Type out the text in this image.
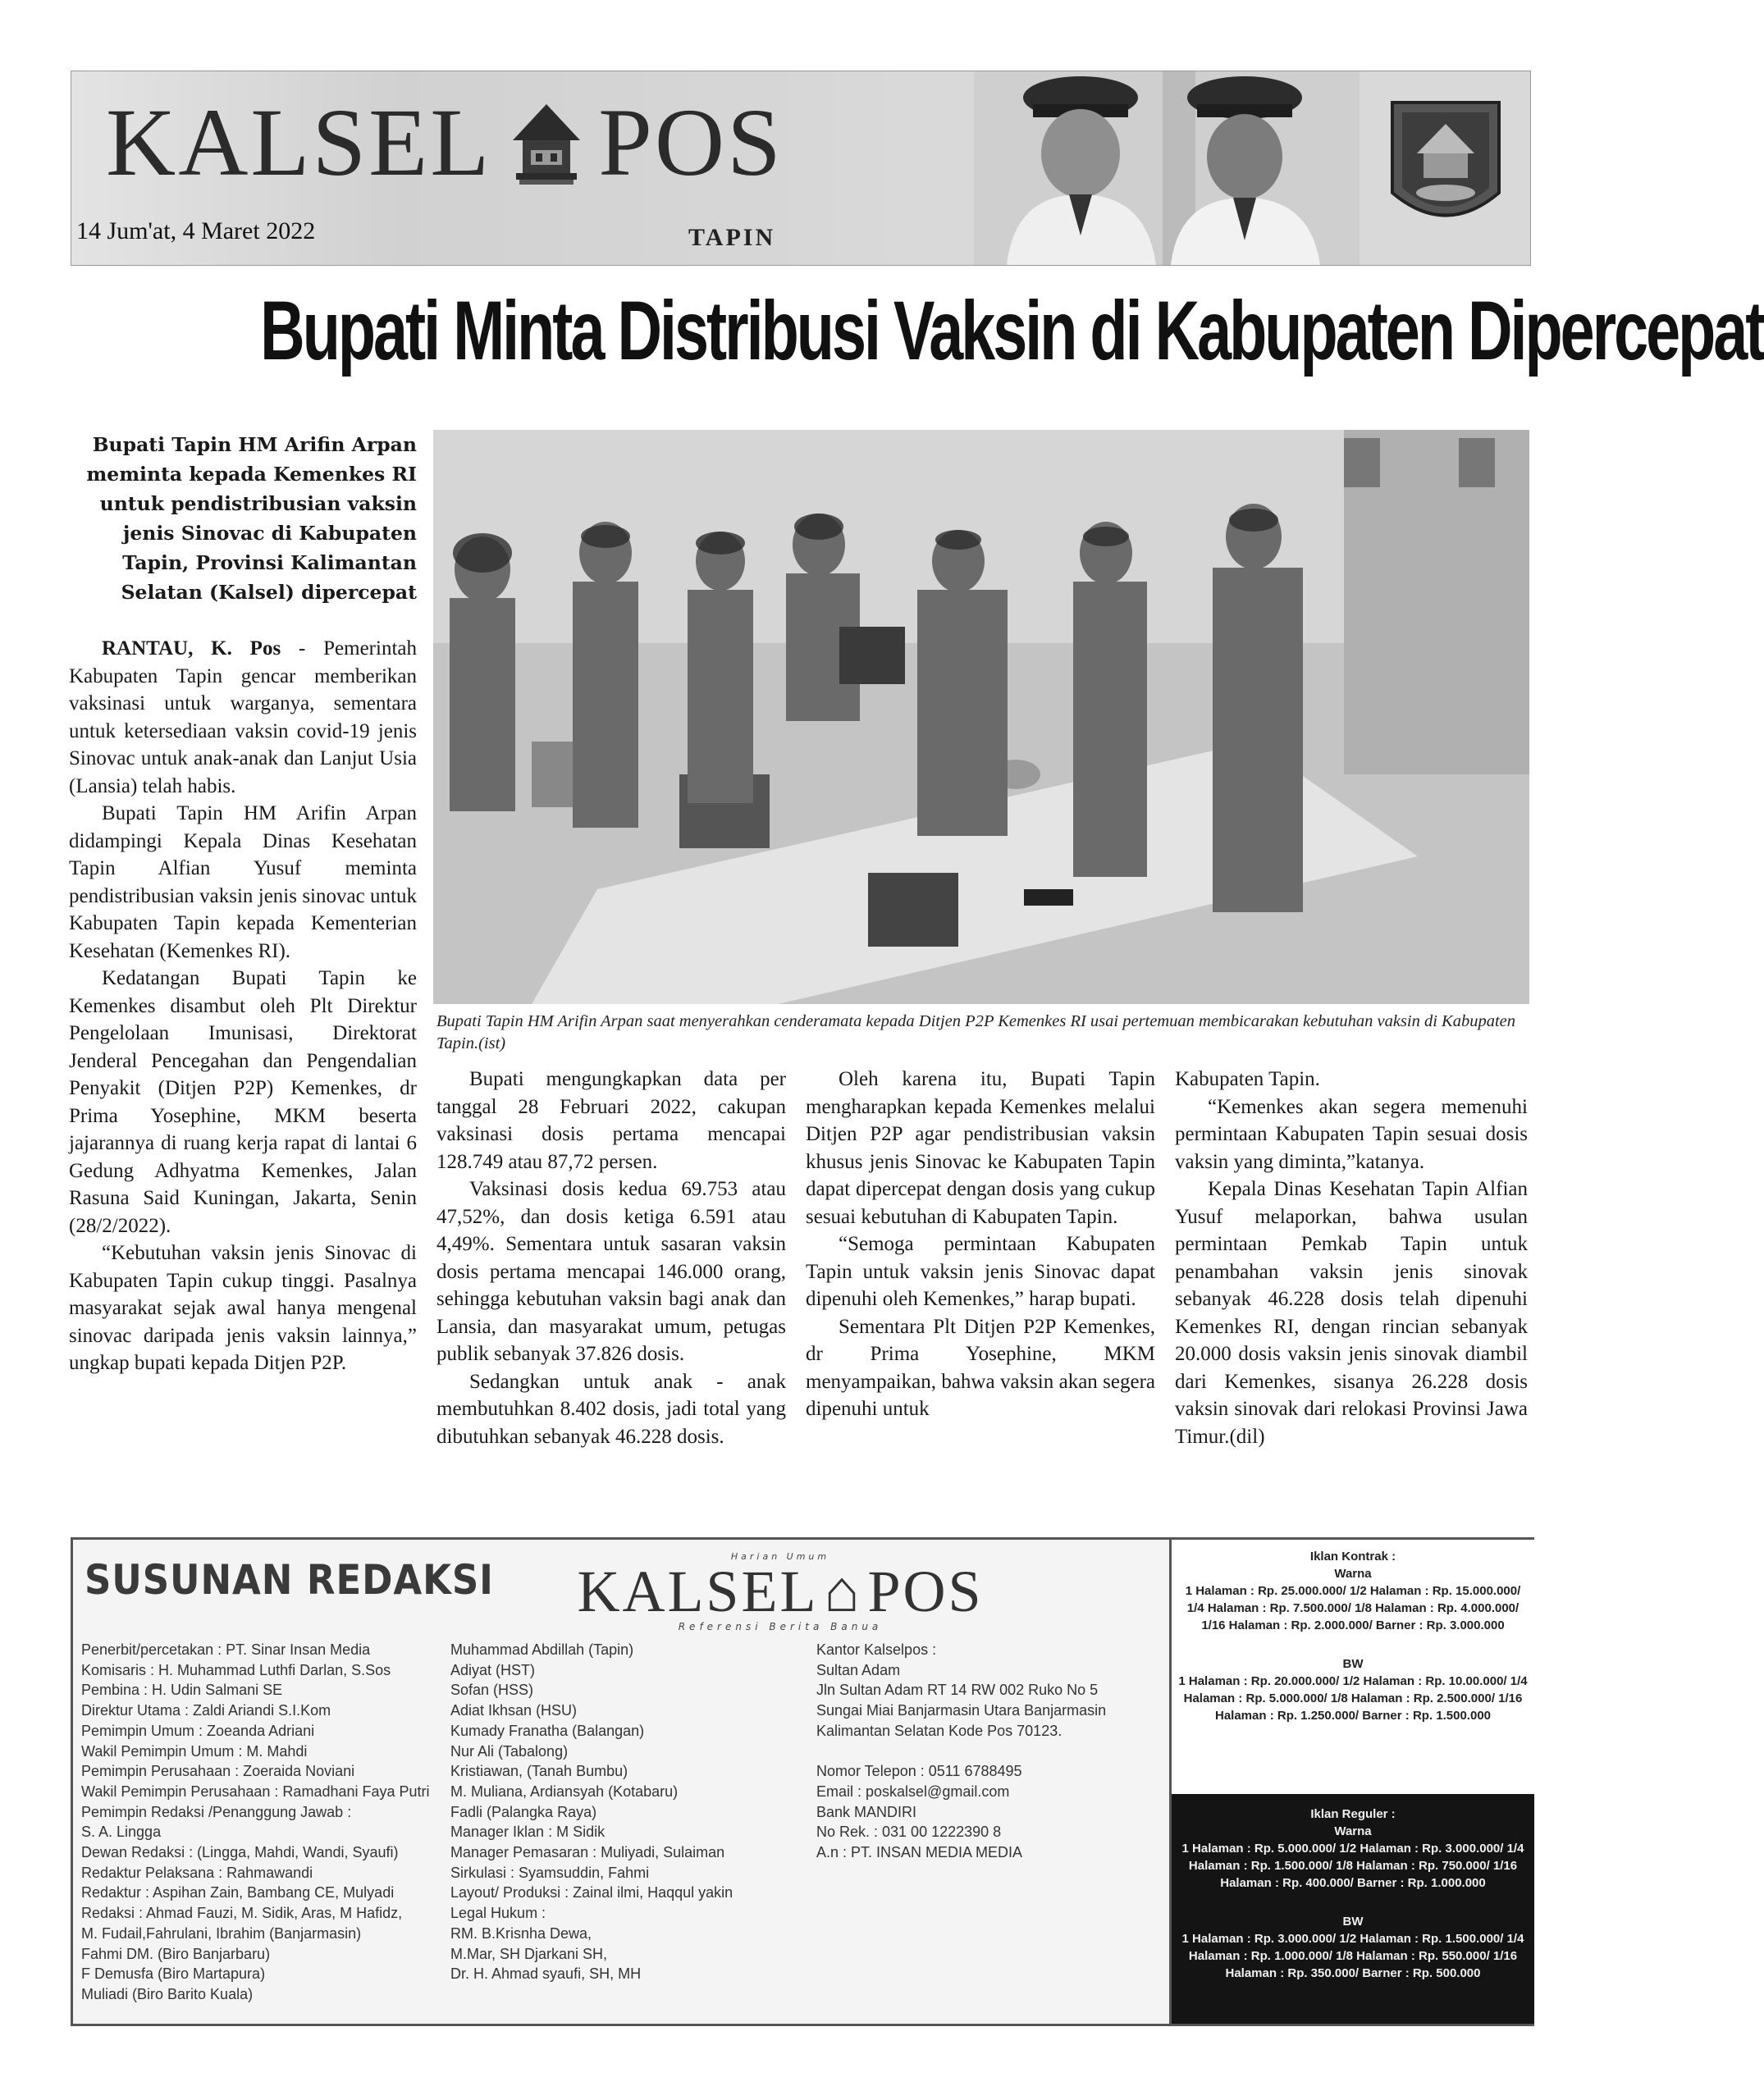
KALSEL POS
14 Jum'at, 4 Maret 2022	TAPIN
Bupati Minta Distribusi Vaksin di Kabupaten Dipercepat
Bupati Tapin HM Arifin Arpan meminta kepada Kemenkes RI untuk pendistribusian vaksin jenis Sinovac di Kabupaten Tapin, Provinsi Kalimantan Selatan (Kalsel) dipercepat
Bupati Tapin HM Arifin Arpan saat menyerahkan cenderamata kepada Ditjen P2P Kemenkes RI usai pertemuan membicarakan kebutuhan vaksin di Kabupaten Tapin.(ist)

RANTAU, K. Pos - Pemerintah Kabupaten Tapin gencar memberikan vaksinasi untuk warganya, sementara untuk ketersediaan vaksin covid-19 jenis Sinovac untuk anak-anak dan Lanjut Usia (Lansia) telah habis.

Bupati Tapin HM Arifin Arpan didampingi Kepala Dinas Kesehatan Tapin Alfian Yusuf meminta pendistribusian vaksin jenis sinovac untuk Kabupaten Tapin kepada Kementerian Kesehatan (Kemenkes RI).

Kedatangan Bupati Tapin ke Kemenkes disambut oleh Plt Direktur Pengelolaan Imunisasi, Direktorat Jenderal Pencegahan dan Pengendalian Penyakit (Ditjen P2P) Kemenkes, dr Prima Yosephine, MKM beserta jajarannya di ruang kerja rapat di lantai 6 Gedung Adhyatma Kemenkes, Jalan Rasuna Said Kuningan, Jakarta, Senin (28/2/2022).

“Kebutuhan vaksin jenis Sinovac di Kabupaten Tapin cukup tinggi. Pasalnya masyarakat sejak awal hanya mengenal sinovac daripada jenis vaksin lainnya,” ungkap bupati kepada Ditjen P2P.

Bupati mengungkapkan data per tanggal 28 Februari 2022, cakupan vaksinasi dosis pertama mencapai 128.749 atau 87,72 persen.

Vaksinasi dosis kedua 69.753 atau 47,52%, dan dosis ketiga 6.591 atau 4,49%. Sementara untuk sasaran vaksin dosis pertama mencapai 146.000 orang, sehingga kebutuhan vaksin bagi anak dan Lansia, dan masyarakat umum, petugas publik sebanyak 37.826 dosis.

Sedangkan untuk anak - anak membutuhkan 8.402 dosis, jadi total yang dibutuhkan sebanyak 46.228 dosis.

Oleh karena itu, Bupati Tapin mengharapkan kepada Kemenkes melalui Ditjen P2P agar pendistribusian vaksin khusus jenis Sinovac ke Kabupaten Tapin dapat dipercepat dengan dosis yang cukup sesuai kebutuhan di Kabupaten Tapin.

“Semoga permintaan Kabupaten Tapin untuk vaksin jenis Sinovac dapat dipenuhi oleh Kemenkes,” harap bupati.

Sementara Plt Ditjen P2P Kemenkes, dr Prima Yosephine, MKM menyampaikan, bahwa vaksin akan segera dipenuhi untuk

Kabupaten Tapin.

“Kemenkes akan segera memenuhi permintaan Kabupaten Tapin sesuai dosis vaksin yang diminta,”katanya.

Kepala Dinas Kesehatan Tapin Alfian Yusuf melaporkan, bahwa usulan permintaan Pemkab Tapin untuk penambahan vaksin jenis sinovak sebanyak 46.228 dosis telah dipenuhi Kemenkes RI, dengan rincian sebanyak 20.000 dosis vaksin jenis sinovak diambil dari Kemenkes, sisanya 26.228 dosis vaksin sinovak dari relokasi Provinsi Jawa Timur.(dil)

SUSUNAN REDAKSI	Harian Umum
KALSEL⌂POS
Referensi Berita Banua
Penerbit/percetakan : PT. Sinar Insan Media
Komisaris : H. Muhammad Luthfi Darlan, S.Sos
Pembina : H. Udin Salmani SE
Direktur Utama : Zaldi Ariandi S.I.Kom
Pemimpin Umum : Zoeanda Adriani
Wakil Pemimpin Umum : M. Mahdi
Pemimpin Perusahaan : Zoeraida Noviani
Wakil Pemimpin Perusahaan : Ramadhani Faya Putri
Pemimpin Redaksi /Penanggung Jawab :
S. A. Lingga
Dewan Redaksi : (Lingga, Mahdi, Wandi, Syaufi)
Redaktur Pelaksana : Rahmawandi
Redaktur : Aspihan Zain, Bambang CE, Mulyadi
Redaksi : Ahmad Fauzi, M. Sidik, Aras, M Hafidz,
M. Fudail,Fahrulani, Ibrahim (Banjarmasin)
Fahmi DM. (Biro Banjarbaru)
F Demusfa (Biro Martapura)
Muliadi (Biro Barito Kuala)
Muhammad Abdillah (Tapin)
Adiyat (HST)
Sofan (HSS)
Adiat Ikhsan (HSU)
Kumady Franatha (Balangan)
Nur Ali (Tabalong)
Kristiawan, (Tanah Bumbu)
M. Muliana, Ardiansyah (Kotabaru)
Fadli (Palangka Raya)
Manager Iklan : M Sidik
Manager Pemasaran : Muliyadi, Sulaiman
Sirkulasi : Syamsuddin, Fahmi
Layout/ Produksi : Zainal ilmi, Haqqul yakin
Legal Hukum :
RM. B.Krisnha Dewa,
M.Mar, SH Djarkani SH,
Dr. H. Ahmad syaufi, SH, MH
Kantor Kalselpos :
Sultan Adam
Jln Sultan Adam RT 14 RW 002 Ruko No 5
Sungai Miai Banjarmasin Utara Banjarmasin
Kalimantan Selatan Kode Pos 70123.

Nomor Telepon : 0511 6788495
Email : poskalsel@gmail.com
Bank MANDIRI
No Rek. : 031 00 1222390 8
A.n : PT. INSAN MEDIA MEDIA
Iklan Kontrak :
Warna
1 Halaman : Rp. 25.000.000/ 1/2 Halaman : Rp. 15.000.000/ 1/4 Halaman : Rp. 7.500.000/ 1/8 Halaman : Rp. 4.000.000/ 1/16 Halaman : Rp. 2.000.000/ Barner : Rp. 3.000.000
BW
1 Halaman : Rp. 20.000.000/ 1/2 Halaman : Rp. 10.00.000/ 1/4 Halaman : Rp. 5.000.000/ 1/8 Halaman : Rp. 2.500.000/ 1/16 Halaman : Rp. 1.250.000/ Barner : Rp. 1.500.000
Iklan Reguler :
Warna
1 Halaman : Rp. 5.000.000/ 1/2 Halaman : Rp. 3.000.000/ 1/4 Halaman : Rp. 1.500.000/ 1/8 Halaman : Rp. 750.000/ 1/16 Halaman : Rp. 400.000/ Barner : Rp. 1.000.000
BW
1 Halaman : Rp. 3.000.000/ 1/2 Halaman : Rp. 1.500.000/ 1/4 Halaman : Rp. 1.000.000/ 1/8 Halaman : Rp. 550.000/ 1/16 Halaman : Rp. 350.000/ Barner : Rp. 500.000
